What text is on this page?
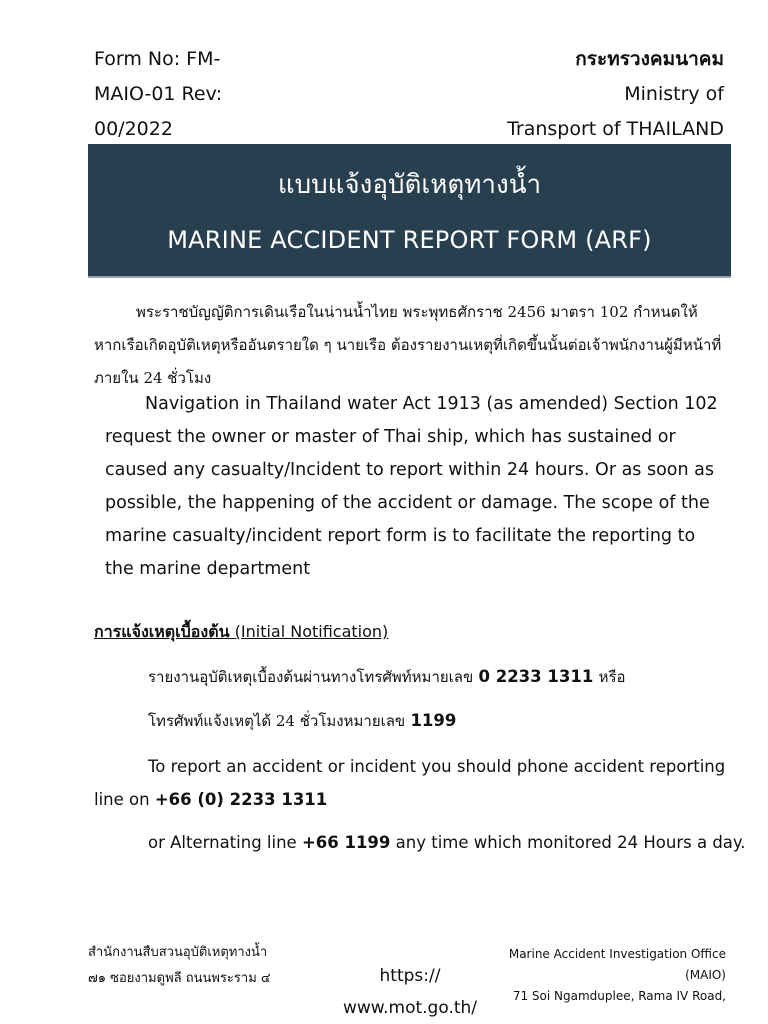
Form No: FM-
MAIO-01 Rev:
00/2022
กระทรวงคมนาคม
Ministry of
Transport of THAILAND
แบบแจ้งอุบัติเหตุทางน้ำ
MARINE ACCIDENT REPORT FORM (ARF)
พระราชบัญญัติการเดินเรือในน่านน้ำไทย พระพุทธศักราช 2456 มาตรา 102 กำหนดให้ หากเรือเกิดอุบัติเหตุหรืออันตรายใด ๆ นายเรือ ต้องรายงานเหตุที่เกิดขึ้นนั้นต่อเจ้าพนักงานผู้มีหน้าที่ภายใน 24 ชั่วโมง
Navigation in Thailand water Act 1913 (as amended) Section 102 request the owner or master of Thai ship, which has sustained or caused any casualty/Incident to report within 24 hours. Or as soon as possible, the happening of the accident or damage. The scope of the marine casualty/incident report form is to facilitate the reporting to the marine department
การแจ้งเหตุเบื้องต้น (Initial Notification)
รายงานอุบัติเหตุเบื้องต้นผ่านทางโทรศัพท์หมายเลข 0 2233 1311 หรือ
โทรศัพท์แจ้งเหตุได้ 24 ชั่วโมงหมายเลข 1199
To report an accident or incident you should phone accident reporting
line on +66 (0) 2233 1311
or Alternating line +66 1199 any time which monitored 24 Hours a day.
สำนักงานสืบสวนอุบัติเหตุทางน้ำ
๗๑ ซอยงามดูพลี ถนนพระราม ๔	https://
www.mot.go.th/
Marine Accident Investigation Office
(MAIO)
71 Soi Ngamduplee, Rama IV Road,
